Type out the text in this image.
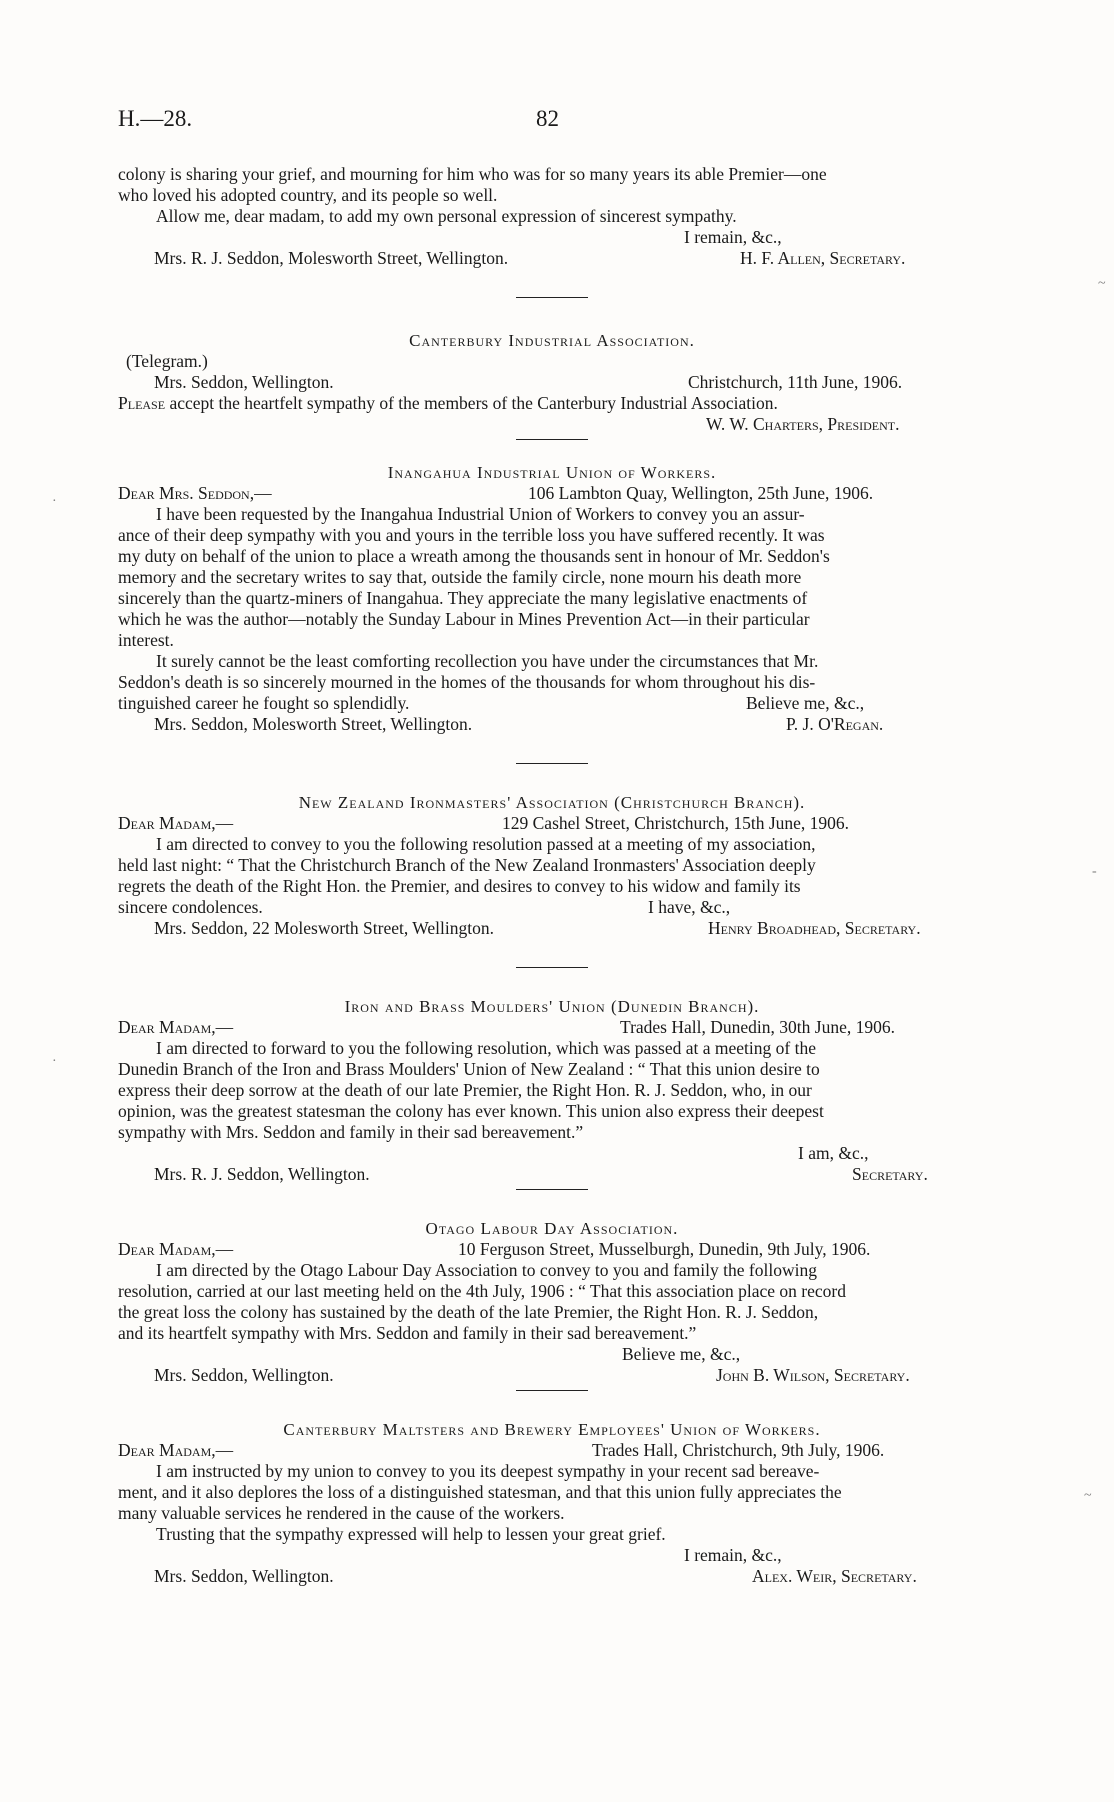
H.—28.	82

colony is sharing your grief, and mourning for him who was for so many years its able Premier—one

who loved his adopted country, and its people so well.

Allow me, dear madam, to add my own personal expression of sincerest sympathy.

I remain, &c.,
Mrs. R. J. Seddon, Molesworth Street, Wellington.	H. F. Allen, Secretary.
Canterbury Industrial Association.
(Telegram.)
Mrs. Seddon, Wellington.	Christchurch, 11th June, 1906.

Please accept the heartfelt sympathy of the members of the Canterbury Industrial Association.

W. W. Charters, President.
Inangahua Industrial Union of Workers.
Dear Mrs. Seddon,—	106 Lambton Quay, Wellington, 25th June, 1906.

I have been requested by the Inangahua Industrial Union of Workers to convey you an assur-

ance of their deep sympathy with you and yours in the terrible loss you have suffered recently. It was

my duty on behalf of the union to place a wreath among the thousands sent in honour of Mr. Seddon's

memory and the secretary writes to say that, outside the family circle, none mourn his death more

sincerely than the quartz-miners of Inangahua. They appreciate the many legislative enactments of

which he was the author—notably the Sunday Labour in Mines Prevention Act—in their particular

interest.

It surely cannot be the least comforting recollection you have under the circumstances that Mr.

Seddon's death is so sincerely mourned in the homes of the thousands for whom throughout his dis-

tinguished career he fought so splendidly.	Believe me, &c.,
Mrs. Seddon, Molesworth Street, Wellington.	P. J. O'Regan.
New Zealand Ironmasters' Association (Christchurch Branch).
Dear Madam,—	129 Cashel Street, Christchurch, 15th June, 1906.

I am directed to convey to you the following resolution passed at a meeting of my association,

held last night: “ That the Christchurch Branch of the New Zealand Ironmasters' Association deeply

regrets the death of the Right Hon. the Premier, and desires to convey to his widow and family its

sincere condolences.	I have, &c.,
Mrs. Seddon, 22 Molesworth Street, Wellington.	Henry Broadhead, Secretary.
Iron and Brass Moulders' Union (Dunedin Branch).
Dear Madam,—	Trades Hall, Dunedin, 30th June, 1906.

I am directed to forward to you the following resolution, which was passed at a meeting of the

Dunedin Branch of the Iron and Brass Moulders' Union of New Zealand : “ That this union desire to

express their deep sorrow at the death of our late Premier, the Right Hon. R. J. Seddon, who, in our

opinion, was the greatest statesman the colony has ever known. This union also express their deepest

sympathy with Mrs. Seddon and family in their sad bereavement.”

I am, &c.,
Mrs. R. J. Seddon, Wellington.	Secretary.
Otago Labour Day Association.
Dear Madam,—	10 Ferguson Street, Musselburgh, Dunedin, 9th July, 1906.

I am directed by the Otago Labour Day Association to convey to you and family the following

resolution, carried at our last meeting held on the 4th July, 1906 : “ That this association place on record

the great loss the colony has sustained by the death of the late Premier, the Right Hon. R. J. Seddon,

and its heartfelt sympathy with Mrs. Seddon and family in their sad bereavement.”

Believe me, &c.,
Mrs. Seddon, Wellington.	John B. Wilson, Secretary.
Canterbury Maltsters and Brewery Employees' Union of Workers.
Dear Madam,—	Trades Hall, Christchurch, 9th July, 1906.

I am instructed by my union to convey to you its deepest sympathy in your recent sad bereave-

ment, and it also deplores the loss of a distinguished statesman, and that this union fully appreciates the

many valuable services he rendered in the cause of the workers.

Trusting that the sympathy expressed will help to lessen your great grief.

I remain, &c.,
Mrs. Seddon, Wellington.	Alex. Weir, Secretary.
~
-
~
·
·
